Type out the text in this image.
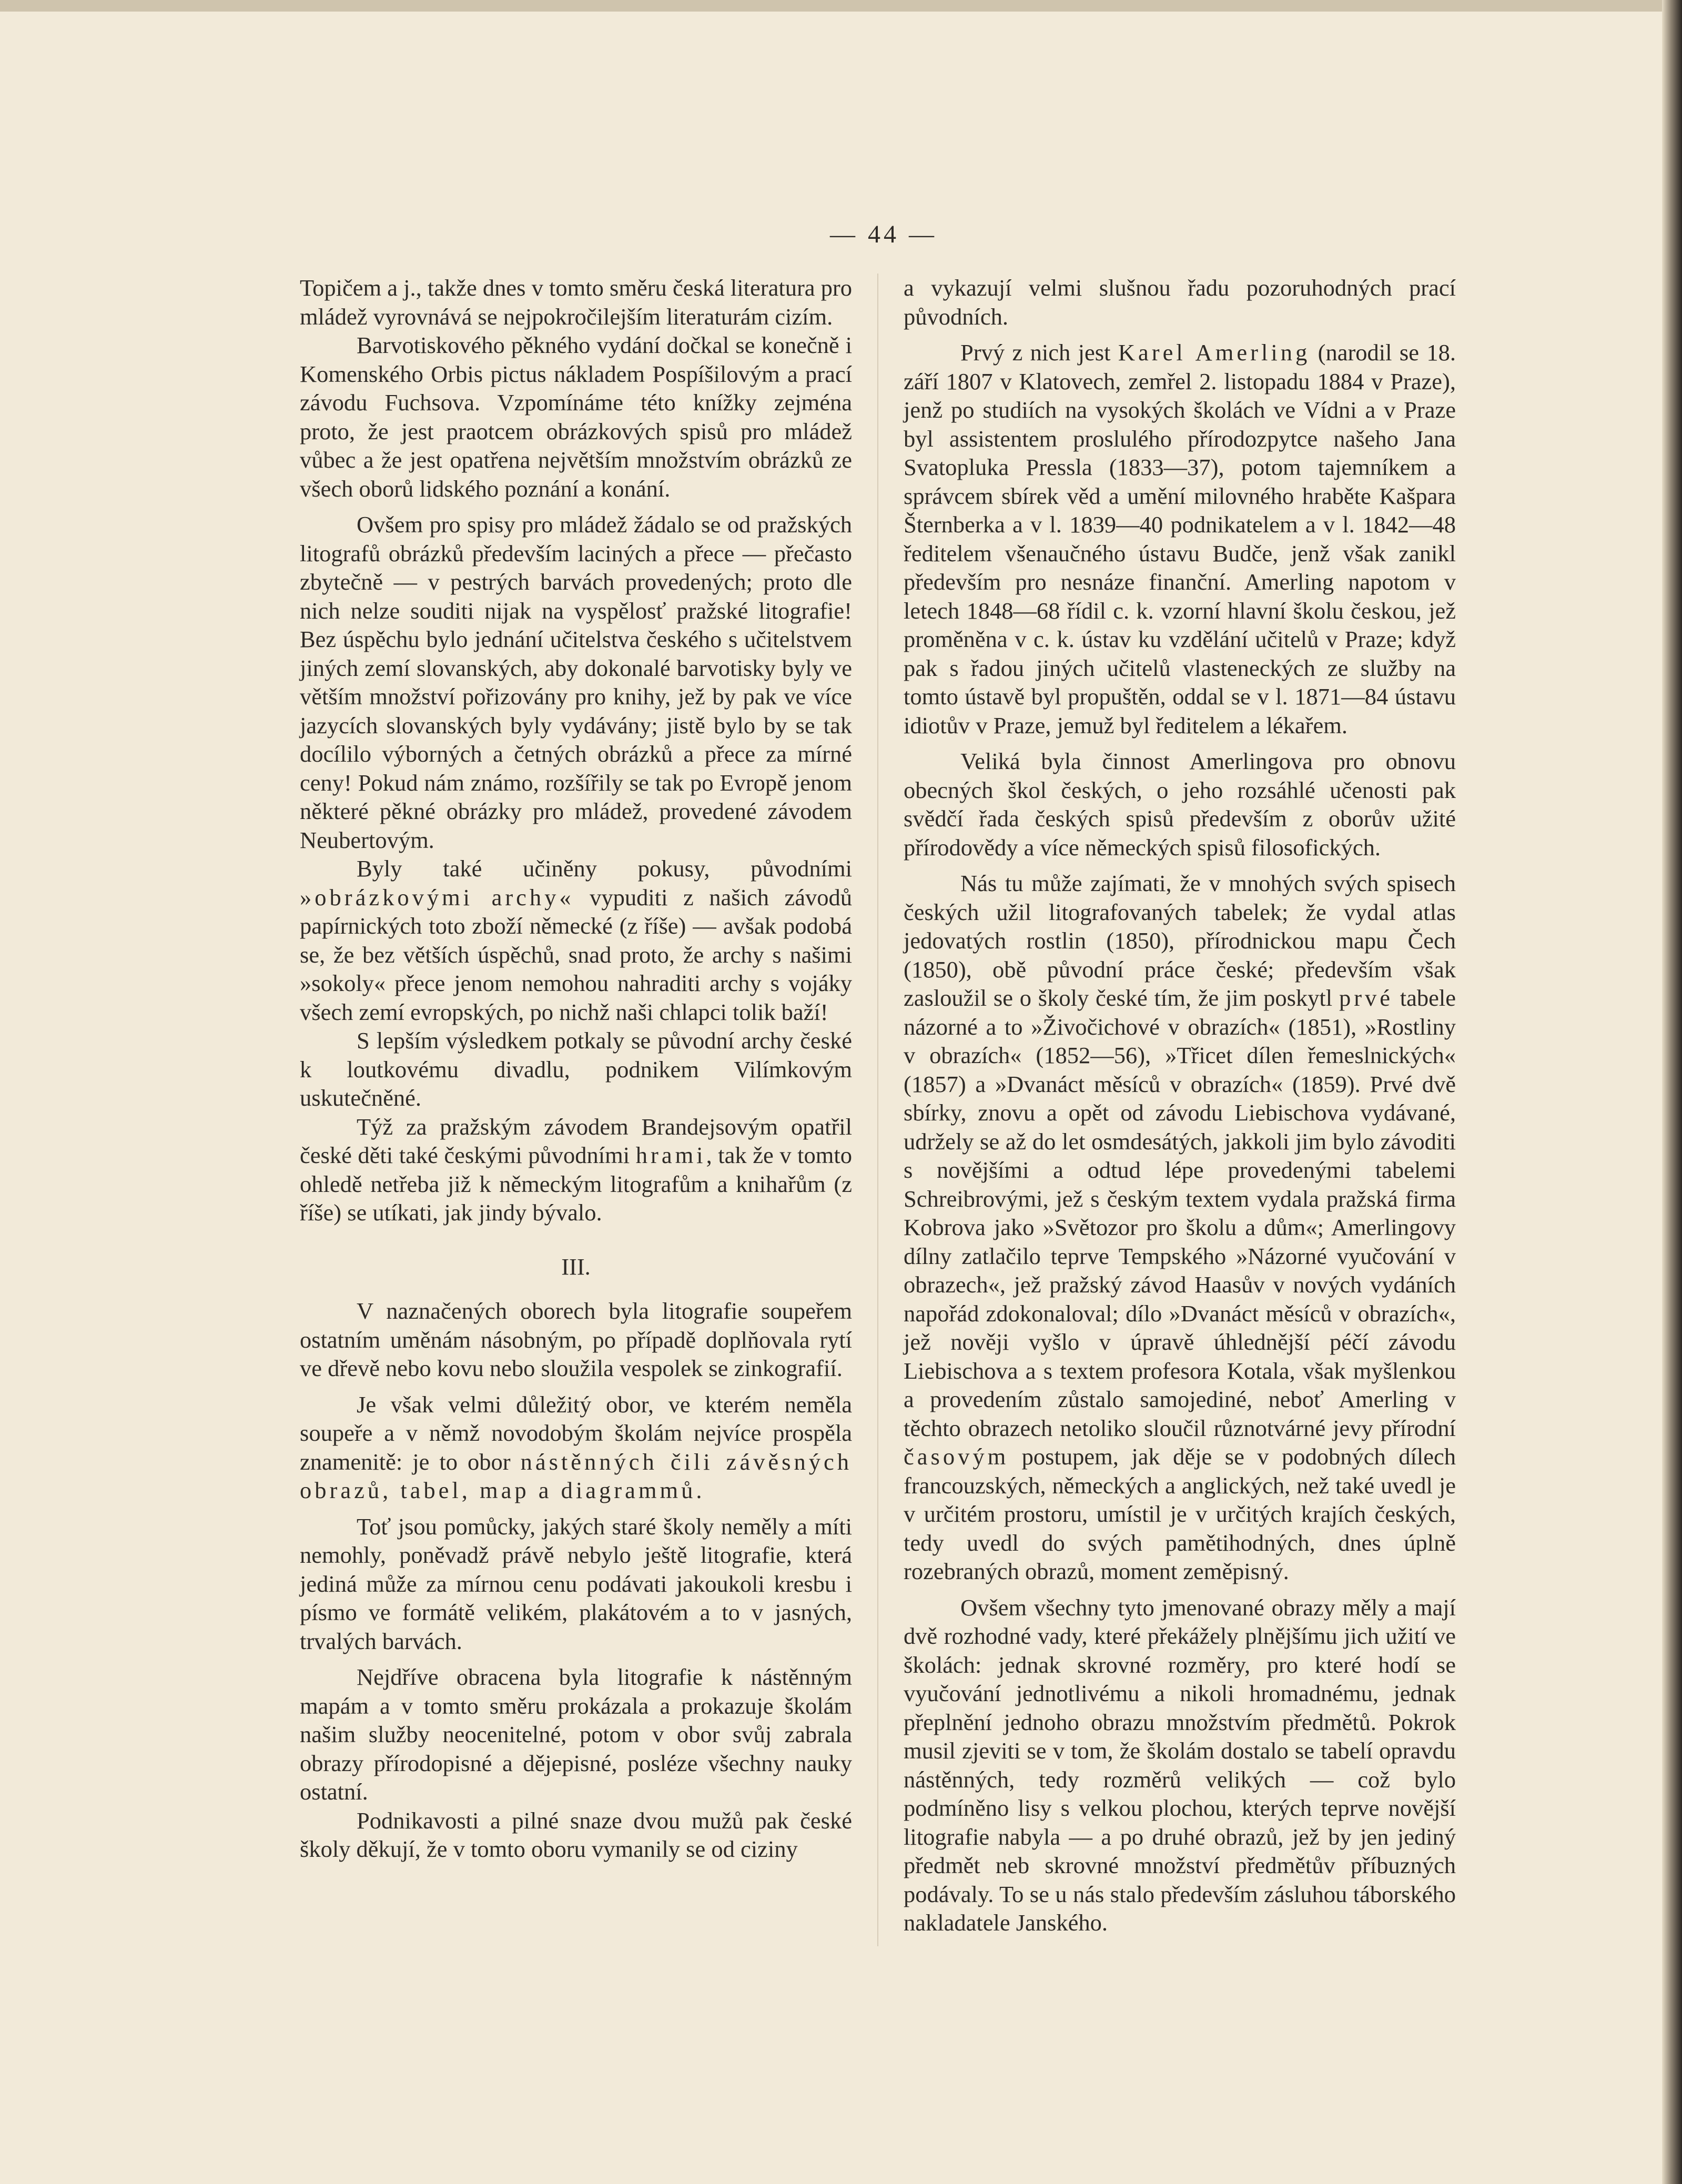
— 44 —

Topičem a j., takže dnes v tomto směru česká literatura pro mládež vyrovnává se nejpokročilejším literaturám cizím.

Barvotiskového pěkného vydání dočkal se konečně i Komenského Orbis pictus nákladem Pospíšilovým a prací závodu Fuchsova. Vzpomínáme této knížky zejména proto, že jest praotcem obrázkových spisů pro mládež vůbec a že jest opatřena největším množstvím obrázků ze všech oborů lidského poznání a konání.

Ovšem pro spisy pro mládež žádalo se od pražských litografů obrázků především laciných a přece — přečasto zbytečně — v pestrých barvách provedených; proto dle nich nelze souditi nijak na vyspělosť pražské litografie! Bez úspěchu bylo jednání učitelstva českého s učitelstvem jiných zemí slovanských, aby dokonalé barvotisky byly ve větším množství pořizovány pro knihy, jež by pak ve více jazycích slovanských byly vydávány; jistě bylo by se tak docílilo výborných a četných obrázků a přece za mírné ceny! Pokud nám známo, rozšířily se tak po Evropě jenom některé pěkné obrázky pro mládež, provedené závodem Neubertovým.

Byly také učiněny pokusy, původními »obrázkovými archy« vypuditi z našich závodů papírnických toto zboží německé (z říše) — avšak podobá se, že bez větších úspěchů, snad proto, že archy s našimi »sokoly« přece jenom nemohou nahraditi archy s vojáky všech zemí evropských, po nichž naši chlapci tolik baží!

S lepším výsledkem potkaly se původní archy české k loutkovému divadlu, podnikem Vilímkovým uskutečněné.

Týž za pražským závodem Brandejsovým opatřil české děti také českými původními hrami, tak že v tomto ohledě netřeba již k německým litografům a knihařům (z říše) se utíkati, jak jindy bývalo.

III.

V naznačených oborech byla litografie soupeřem ostatním uměnám násobným, po případě doplňovala rytí ve dřevě nebo kovu nebo sloužila vespolek se zinkografií.

Je však velmi důležitý obor, ve kterém neměla soupeře a v němž novodobým školám nejvíce prospěla znamenitě: je to obor nástěnných čili závěsných obrazů, tabel, map a diagrammů.

Toť jsou pomůcky, jakých staré školy neměly a míti nemohly, poněvadž právě nebylo ještě litografie, která jediná může za mírnou cenu podávati jakoukoli kresbu i písmo ve formátě velikém, plakátovém a to v jasných, trvalých barvách.

Nejdříve obracena byla litografie k nástěnným mapám a v tomto směru prokázala a prokazuje školám našim služby neocenitelné, potom v obor svůj zabrala obrazy přírodopisné a dějepisné, posléze všechny nauky ostatní.

Podnikavosti a pilné snaze dvou mužů pak české školy děkují, že v tomto oboru vymanily se od ciziny

a vykazují velmi slušnou řadu pozoruhodných prací původních.

Prvý z nich jest Karel Amerling (narodil se 18. září 1807 v Klatovech, zemřel 2. listopadu 1884 v Praze), jenž po studiích na vysokých školách ve Vídni a v Praze byl assistentem proslulého přírodozpytce našeho Jana Svatopluka Pressla (1833—37), potom tajemníkem a správcem sbírek věd a umění milovného hraběte Kašpara Šternberka a v l. 1839—40 podnikatelem a v l. 1842—48 ředitelem všenaučného ústavu Budče, jenž však zanikl především pro nesnáze finanční. Amerling napotom v letech 1848—68 řídil c. k. vzorní hlavní školu českou, jež proměněna v c. k. ústav ku vzdělání učitelů v Praze; když pak s řadou jiných učitelů vlasteneckých ze služby na tomto ústavě byl propuštěn, oddal se v l. 1871—84 ústavu idiotův v Praze, jemuž byl ředitelem a lékařem.

Veliká byla činnost Amerlingova pro obnovu obecných škol českých, o jeho rozsáhlé učenosti pak svědčí řada českých spisů především z oborův užité přírodovědy a více německých spisů filosofických.

Nás tu může zajímati, že v mnohých svých spisech českých užil litografovaných tabelek; že vydal atlas jedovatých rostlin (1850), přírodnickou mapu Čech (1850), obě původní práce české; především však zasloužil se o školy české tím, že jim poskytl prvé tabele názorné a to »Živočichové v obrazích« (1851), »Rostliny v obrazích« (1852—56), »Třicet dílen řemeslnických« (1857) a »Dvanáct měsíců v obrazích« (1859). Prvé dvě sbírky, znovu a opět od závodu Liebischova vydávané, udržely se až do let osmdesátých, jakkoli jim bylo závoditi s novějšími a odtud lépe provedenými tabelemi Schreibrovými, jež s českým textem vydala pražská firma Kobrova jako »Světozor pro školu a dům«; Amerlingovy dílny zatlačilo teprve Tempského »Názorné vyučování v obrazech«, jež pražský závod Haasův v nových vydáních napořád zdokonaloval; dílo »Dvanáct měsíců v obrazích«, jež nověji vyšlo v úpravě úhlednější péčí závodu Liebischova a s textem profesora Kotala, však myšlenkou a provedením zůstalo samojediné, neboť Amerling v těchto obrazech netoliko sloučil různotvárné jevy přírodní časovým postupem, jak děje se v podobných dílech francouzských, německých a anglických, než také uvedl je v určitém prostoru, umístil je v určitých krajích českých, tedy uvedl do svých pamětihodných, dnes úplně rozebraných obrazů, moment zeměpisný.

Ovšem všechny tyto jmenované obrazy měly a mají dvě rozhodné vady, které překážely plnějšímu jich užití ve školách: jednak skrovné rozměry, pro které hodí se vyučování jednotlivému a nikoli hromadnému, jednak přeplnění jednoho obrazu množstvím předmětů. Pokrok musil zjeviti se v tom, že školám dostalo se tabelí opravdu nástěnných, tedy rozměrů velikých — což bylo podmíněno lisy s velkou plochou, kterých teprve novější litografie nabyla — a po druhé obrazů, jež by jen jediný předmět neb skrovné množství předmětův příbuzných podávaly. To se u nás stalo především zásluhou táborského nakladatele Janského.
